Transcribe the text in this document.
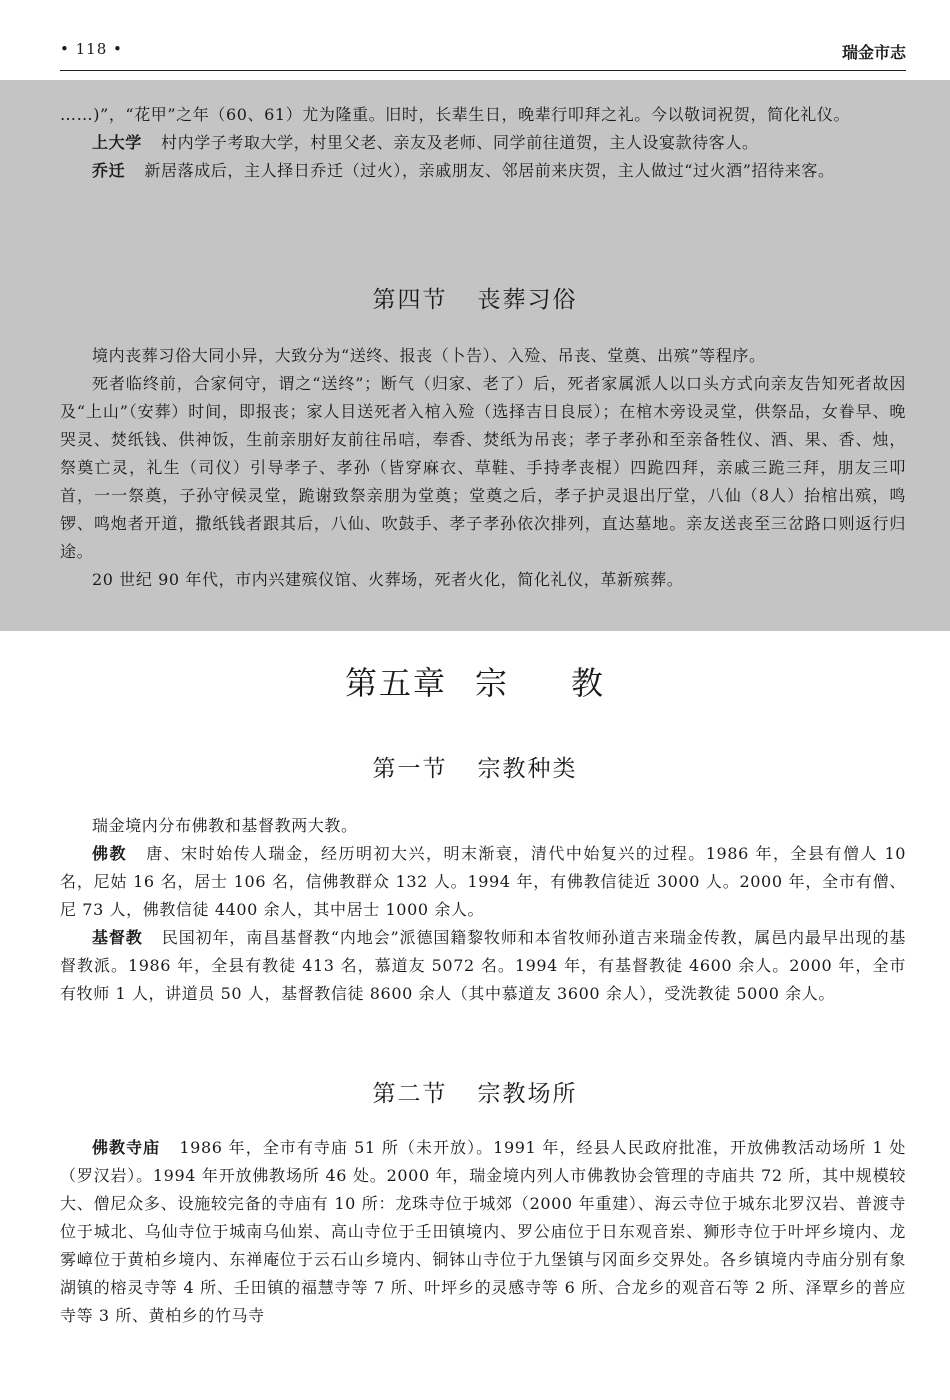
• 118 •	瑞金市志

……)”，“花甲”之年（60、61）尤为隆重。旧时，长辈生日，晚辈行叩拜之礼。今以敬词祝贺，简化礼仪。

上大学 村内学子考取大学，村里父老、亲友及老师、同学前往道贺，主人设宴款待客人。

乔迁 新居落成后，主人择日乔迁（过火），亲戚朋友、邻居前来庆贺，主人做过“过火酒”招待来客。

第四节 丧葬习俗

境内丧葬习俗大同小异，大致分为“送终、报丧（卜告）、入殓、吊丧、堂奠、出殡”等程序。

死者临终前，合家伺守，谓之“送终”；断气（归家、老了）后，死者家属派人以口头方式向亲友告知死者故因及“上山”（安葬）时间，即报丧；家人目送死者入棺入殓（选择吉日良辰）；在棺木旁设灵堂，供祭品，女眷早、晚哭灵、焚纸钱、供神饭，生前亲朋好友前往吊唁，奉香、焚纸为吊丧；孝子孝孙和至亲备牲仪、酒、果、香、烛，祭奠亡灵，礼生（司仪）引导孝子、孝孙（皆穿麻衣、草鞋、手持孝丧棍）四跪四拜，亲戚三跪三拜，朋友三叩首，一一祭奠，子孙守候灵堂，跪谢致祭亲朋为堂奠；堂奠之后，孝子护灵退出厅堂，八仙（8人）抬棺出殡，鸣锣、鸣炮者开道，撒纸钱者跟其后，八仙、吹鼓手、孝子孝孙依次排列，直达墓地。亲友送丧至三岔路口则返行归途。

20 世纪 90 年代，市内兴建殡仪馆、火葬场，死者火化，简化礼仪，革新殡葬。

第五章 宗 教
第一节 宗教种类

瑞金境内分布佛教和基督教两大教。

佛教 唐、宋时始传人瑞金，经历明初大兴，明末渐衰，清代中始复兴的过程。1986 年，全县有僧人 10 名，尼姑 16 名，居士 106 名，信佛教群众 132 人。1994 年，有佛教信徒近 3000 人。2000 年，全市有僧、尼 73 人，佛教信徒 4400 余人，其中居士 1000 余人。

基督教 民国初年，南昌基督教“内地会”派德国籍黎牧师和本省牧师孙道吉来瑞金传教，属邑内最早出现的基督教派。1986 年，全县有教徒 413 名，慕道友 5072 名。1994 年，有基督教徒 4600 余人。2000 年，全市有牧师 1 人，讲道员 50 人，基督教信徒 8600 余人（其中慕道友 3600 余人），受洗教徒 5000 余人。

第二节 宗教场所

佛教寺庙 1986 年，全市有寺庙 51 所（未开放）。1991 年，经县人民政府批准，开放佛教活动场所 1 处（罗汉岩）。1994 年开放佛教场所 46 处。2000 年，瑞金境内列人市佛教协会管理的寺庙共 72 所，其中规模较大、僧尼众多、设施较完备的寺庙有 10 所：龙珠寺位于城郊（2000 年重建）、海云寺位于城东北罗汉岩、普渡寺位于城北、乌仙寺位于城南乌仙岽、高山寺位于壬田镇境内、罗公庙位于日东观音岽、狮形寺位于叶坪乡境内、龙雾嶂位于黄柏乡境内、东禅庵位于云石山乡境内、铜钵山寺位于九堡镇与冈面乡交界处。各乡镇境内寺庙分别有象湖镇的榕灵寺等 4 所、壬田镇的福慧寺等 7 所、叶坪乡的灵感寺等 6 所、合龙乡的观音石等 2 所、泽覃乡的普应寺等 3 所、黄柏乡的竹马寺
